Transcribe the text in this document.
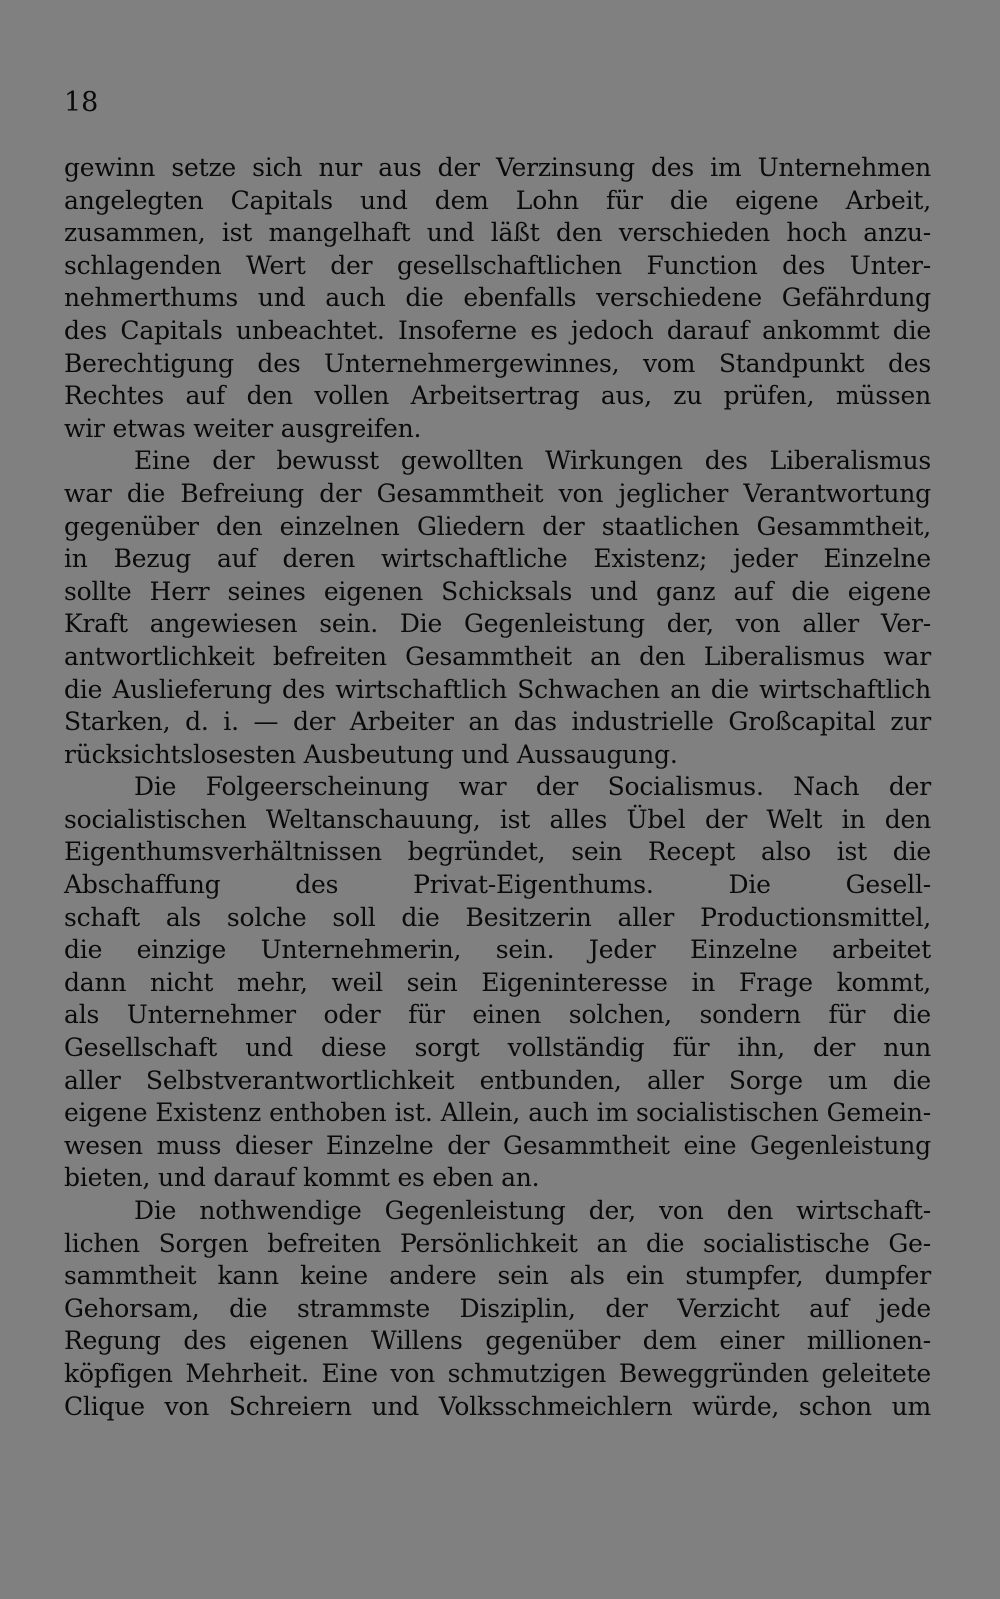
18
gewinn setze sich nur aus der Verzinsung des im Unternehmen
angelegten Capitals und dem Lohn für die eigene Arbeit,
zusammen, ist mangelhaft und läßt den verschieden hoch anzu-
schlagenden Wert der gesellschaftlichen Function des Unter-
nehmerthums und auch die ebenfalls verschiedene Gefährdung
des Capitals unbeachtet. Insoferne es jedoch darauf ankommt die
Berechtigung des Unternehmergewinnes, vom Standpunkt des
Rechtes auf den vollen Arbeitsertrag aus, zu prüfen, müssen
wir etwas weiter ausgreifen.
Eine der bewusst gewollten Wirkungen des Liberalismus
war die Befreiung der Gesammtheit von jeglicher Verantwortung
gegenüber den einzelnen Gliedern der staatlichen Gesammtheit,
in Bezug auf deren wirtschaftliche Existenz; jeder Einzelne
sollte Herr seines eigenen Schicksals und ganz auf die eigene
Kraft angewiesen sein. Die Gegenleistung der, von aller Ver-
antwortlichkeit befreiten Gesammtheit an den Liberalismus war
die Auslieferung des wirtschaftlich Schwachen an die wirtschaftlich
Starken, d. i. — der Arbeiter an das industrielle Großcapital zur
rücksichtslosesten Ausbeutung und Aussaugung.
Die Folgeerscheinung war der Socialismus. Nach der
socialistischen Weltanschauung, ist alles Übel der Welt in den
Eigenthumsverhältnissen begründet, sein Recept also ist die
Abschaffung des Privat-Eigenthums. Die Gesell-
schaft als solche soll die Besitzerin aller Productionsmittel,
die einzige Unternehmerin, sein. Jeder Einzelne arbeitet
dann nicht mehr, weil sein Eigeninteresse in Frage kommt,
als Unternehmer oder für einen solchen, sondern für die
Gesellschaft und diese sorgt vollständig für ihn, der nun
aller Selbstverantwortlichkeit entbunden, aller Sorge um die
eigene Existenz enthoben ist. Allein, auch im socialistischen Gemein-
wesen muss dieser Einzelne der Gesammtheit eine Gegenleistung
bieten, und darauf kommt es eben an.
Die nothwendige Gegenleistung der, von den wirtschaft-
lichen Sorgen befreiten Persönlichkeit an die socialistische Ge-
sammtheit kann keine andere sein als ein stumpfer, dumpfer
Gehorsam, die strammste Disziplin, der Verzicht auf jede
Regung des eigenen Willens gegenüber dem einer millionen-
köpfigen Mehrheit. Eine von schmutzigen Beweggründen geleitete
Clique von Schreiern und Volksschmeichlern würde, schon um
